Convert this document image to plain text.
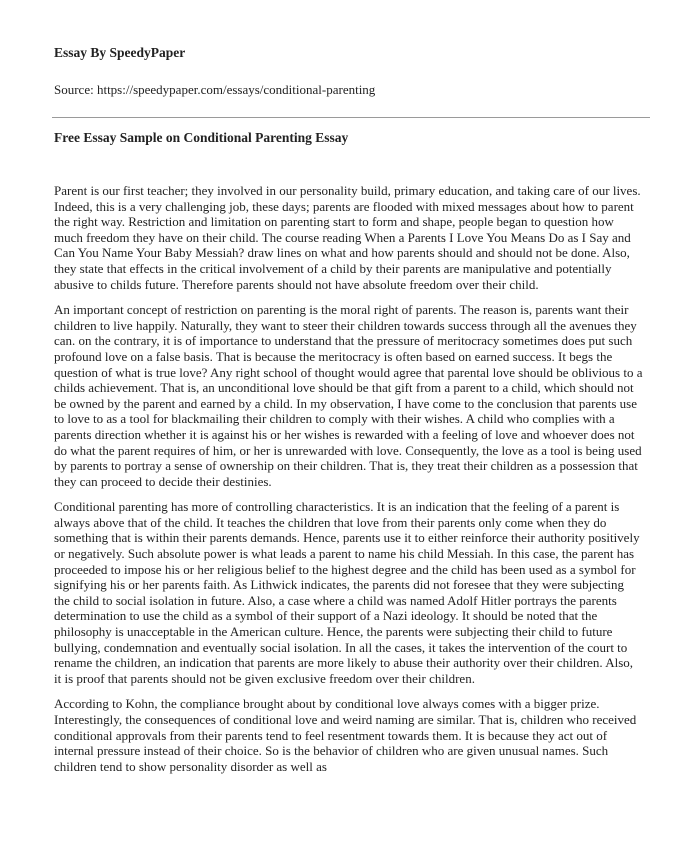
Essay By SpeedyPaper
Source: https://speedypaper.com/essays/conditional-parenting
Free Essay Sample on Conditional Parenting Essay

Parent is our first teacher; they involved in our personality build, primary education, and taking care of our lives. Indeed, this is a very challenging job, these days; parents are flooded with mixed messages about how to parent the right way. Restriction and limitation on parenting start to form and shape, people began to question how much freedom they have on their child. The course reading When a Parents I Love You Means Do as I Say and Can You Name Your Baby Messiah? draw lines on what and how parents should and should not be done. Also, they state that effects in the critical involvement of a child by their parents are manipulative and potentially abusive to childs future. Therefore parents should not have absolute freedom over their child.

An important concept of restriction on parenting is the moral right of parents. The reason is, parents want their children to live happily. Naturally, they want to steer their children towards success through all the avenues they can. on the contrary, it is of importance to understand that the pressure of meritocracy sometimes does put such profound love on a false basis. That is because the meritocracy is often based on earned success. It begs the question of what is true love? Any right school of thought would agree that parental love should be oblivious to a childs achievement. That is, an unconditional love should be that gift from a parent to a child, which should not be owned by the parent and earned by a child. In my observation, I have come to the conclusion that parents use to love to as a tool for blackmailing their children to comply with their wishes. A child who complies with a parents direction whether it is against his or her wishes is rewarded with a feeling of love and whoever does not do what the parent requires of him, or her is unrewarded with love. Consequently, the love as a tool is being used by parents to portray a sense of ownership on their children. That is, they treat their children as a possession that they can proceed to decide their destinies.

Conditional parenting has more of controlling characteristics. It is an indication that the feeling of a parent is always above that of the child. It teaches the children that love from their parents only come when they do something that is within their parents demands. Hence, parents use it to either reinforce their authority positively or negatively. Such absolute power is what leads a parent to name his child Messiah. In this case, the parent has proceeded to impose his or her religious belief to the highest degree and the child has been used as a symbol for signifying his or her parents faith. As Lithwick indicates, the parents did not foresee that they were subjecting the child to social isolation in future. Also, a case where a child was named Adolf Hitler portrays the parents determination to use the child as a symbol of their support of a Nazi ideology. It should be noted that the philosophy is unacceptable in the American culture. Hence, the parents were subjecting their child to future bullying, condemnation and eventually social isolation. In all the cases, it takes the intervention of the court to rename the children, an indication that parents are more likely to abuse their authority over their children. Also, it is proof that parents should not be given exclusive freedom over their children.

According to Kohn, the compliance brought about by conditional love always comes with a bigger prize. Interestingly, the consequences of conditional love and weird naming are similar. That is, children who received conditional approvals from their parents tend to feel resentment towards them. It is because they act out of internal pressure instead of their choice. So is the behavior of children who are given unusual names. Such children tend to show personality disorder as well as
